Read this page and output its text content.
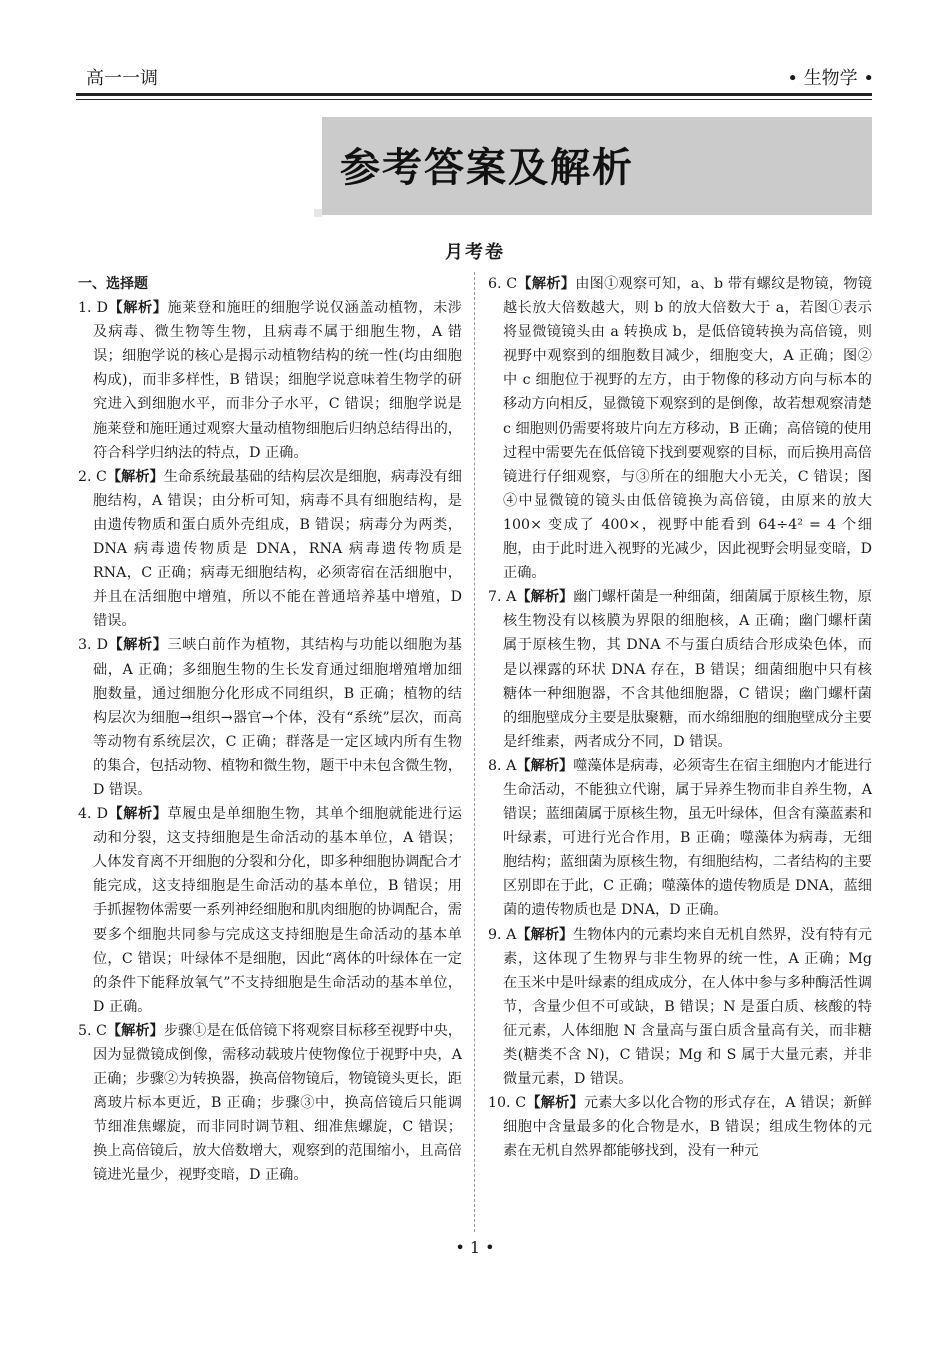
高一一调	• 生物学 •
参考答案及解析
月考卷
一、选择题

1. D【解析】施莱登和施旺的细胞学说仅涵盖动植物，未涉及病毒、微生物等生物，且病毒不属于细胞生物，A 错误；细胞学说的核心是揭示动植物结构的统一性(均由细胞构成)，而非多样性，B 错误；细胞学说意味着生物学的研究进入到细胞水平，而非分子水平，C 错误；细胞学说是施莱登和施旺通过观察大量动植物细胞后归纳总结得出的，符合科学归纳法的特点，D 正确。

2. C【解析】生命系统最基础的结构层次是细胞，病毒没有细胞结构，A 错误；由分析可知，病毒不具有细胞结构，是由遗传物质和蛋白质外壳组成，B 错误；病毒分为两类，DNA 病毒遗传物质是 DNA，RNA 病毒遗传物质是 RNA，C 正确；病毒无细胞结构，必须寄宿在活细胞中，并且在活细胞中增殖，所以不能在普通培养基中增殖，D 错误。

3. D【解析】三峡白前作为植物，其结构与功能以细胞为基础，A 正确；多细胞生物的生长发育通过细胞增殖增加细胞数量，通过细胞分化形成不同组织，B 正确；植物的结构层次为细胞→组织→器官→个体，没有“系统”层次，而高等动物有系统层次，C 正确；群落是一定区域内所有生物的集合，包括动物、植物和微生物，题干中未包含微生物，D 错误。

4. D【解析】草履虫是单细胞生物，其单个细胞就能进行运动和分裂，这支持细胞是生命活动的基本单位，A 错误；人体发育离不开细胞的分裂和分化，即多种细胞协调配合才能完成，这支持细胞是生命活动的基本单位，B 错误；用手抓握物体需要一系列神经细胞和肌肉细胞的协调配合，需要多个细胞共同参与完成这支持细胞是生命活动的基本单位，C 错误；叶绿体不是细胞，因此“离体的叶绿体在一定的条件下能释放氧气”不支持细胞是生命活动的基本单位，D 正确。

5. C【解析】步骤①是在低倍镜下将观察目标移至视野中央，因为显微镜成倒像，需移动载玻片使物像位于视野中央，A 正确；步骤②为转换器，换高倍物镜后，物镜镜头更长，距离玻片标本更近，B 正确；步骤③中，换高倍镜后只能调节细准焦螺旋，而非同时调节粗、细准焦螺旋，C 错误；换上高倍镜后，放大倍数增大，观察到的范围缩小，且高倍镜进光量少，视野变暗，D 正确。

6. C【解析】由图①观察可知，a、b 带有螺纹是物镜，物镜越长放大倍数越大，则 b 的放大倍数大于 a，若图①表示将显微镜镜头由 a 转换成 b，是低倍镜转换为高倍镜，则视野中观察到的细胞数目减少，细胞变大，A 正确；图②中 c 细胞位于视野的左方，由于物像的移动方向与标本的移动方向相反，显微镜下观察到的是倒像，故若想观察清楚 c 细胞则仍需要将玻片向左方移动，B 正确；高倍镜的使用过程中需要先在低倍镜下找到要观察的目标，而后换用高倍镜进行仔细观察，与③所在的细胞大小无关，C 错误；图④中显微镜的镜头由低倍镜换为高倍镜，由原来的放大 100× 变成了 400×，视野中能看到 64÷4² = 4 个细胞，由于此时进入视野的光减少，因此视野会明显变暗，D 正确。

7. A【解析】幽门螺杆菌是一种细菌，细菌属于原核生物，原核生物没有以核膜为界限的细胞核，A 正确；幽门螺杆菌属于原核生物，其 DNA 不与蛋白质结合形成染色体，而是以裸露的环状 DNA 存在，B 错误；细菌细胞中只有核糖体一种细胞器，不含其他细胞器，C 错误；幽门螺杆菌的细胞壁成分主要是肽聚糖，而水绵细胞的细胞壁成分主要是纤维素，两者成分不同，D 错误。

8. A【解析】噬藻体是病毒，必须寄生在宿主细胞内才能进行生命活动，不能独立代谢，属于异养生物而非自养生物，A 错误；蓝细菌属于原核生物，虽无叶绿体，但含有藻蓝素和叶绿素，可进行光合作用，B 正确；噬藻体为病毒，无细胞结构；蓝细菌为原核生物，有细胞结构，二者结构的主要区别即在于此，C 正确；噬藻体的遗传物质是 DNA，蓝细菌的遗传物质也是 DNA，D 正确。

9. A【解析】生物体内的元素均来自无机自然界，没有特有元素，这体现了生物界与非生物界的统一性，A 正确；Mg 在玉米中是叶绿素的组成成分，在人体中参与多种酶活性调节，含量少但不可或缺，B 错误；N 是蛋白质、核酸的特征元素，人体细胞 N 含量高与蛋白质含量高有关，而非糖类(糖类不含 N)，C 错误；Mg 和 S 属于大量元素，并非微量元素，D 错误。

10. C【解析】元素大多以化合物的形式存在，A 错误；新鲜细胞中含量最多的化合物是水，B 错误；组成生物体的元素在无机自然界都能够找到，没有一种元

• 1 •
